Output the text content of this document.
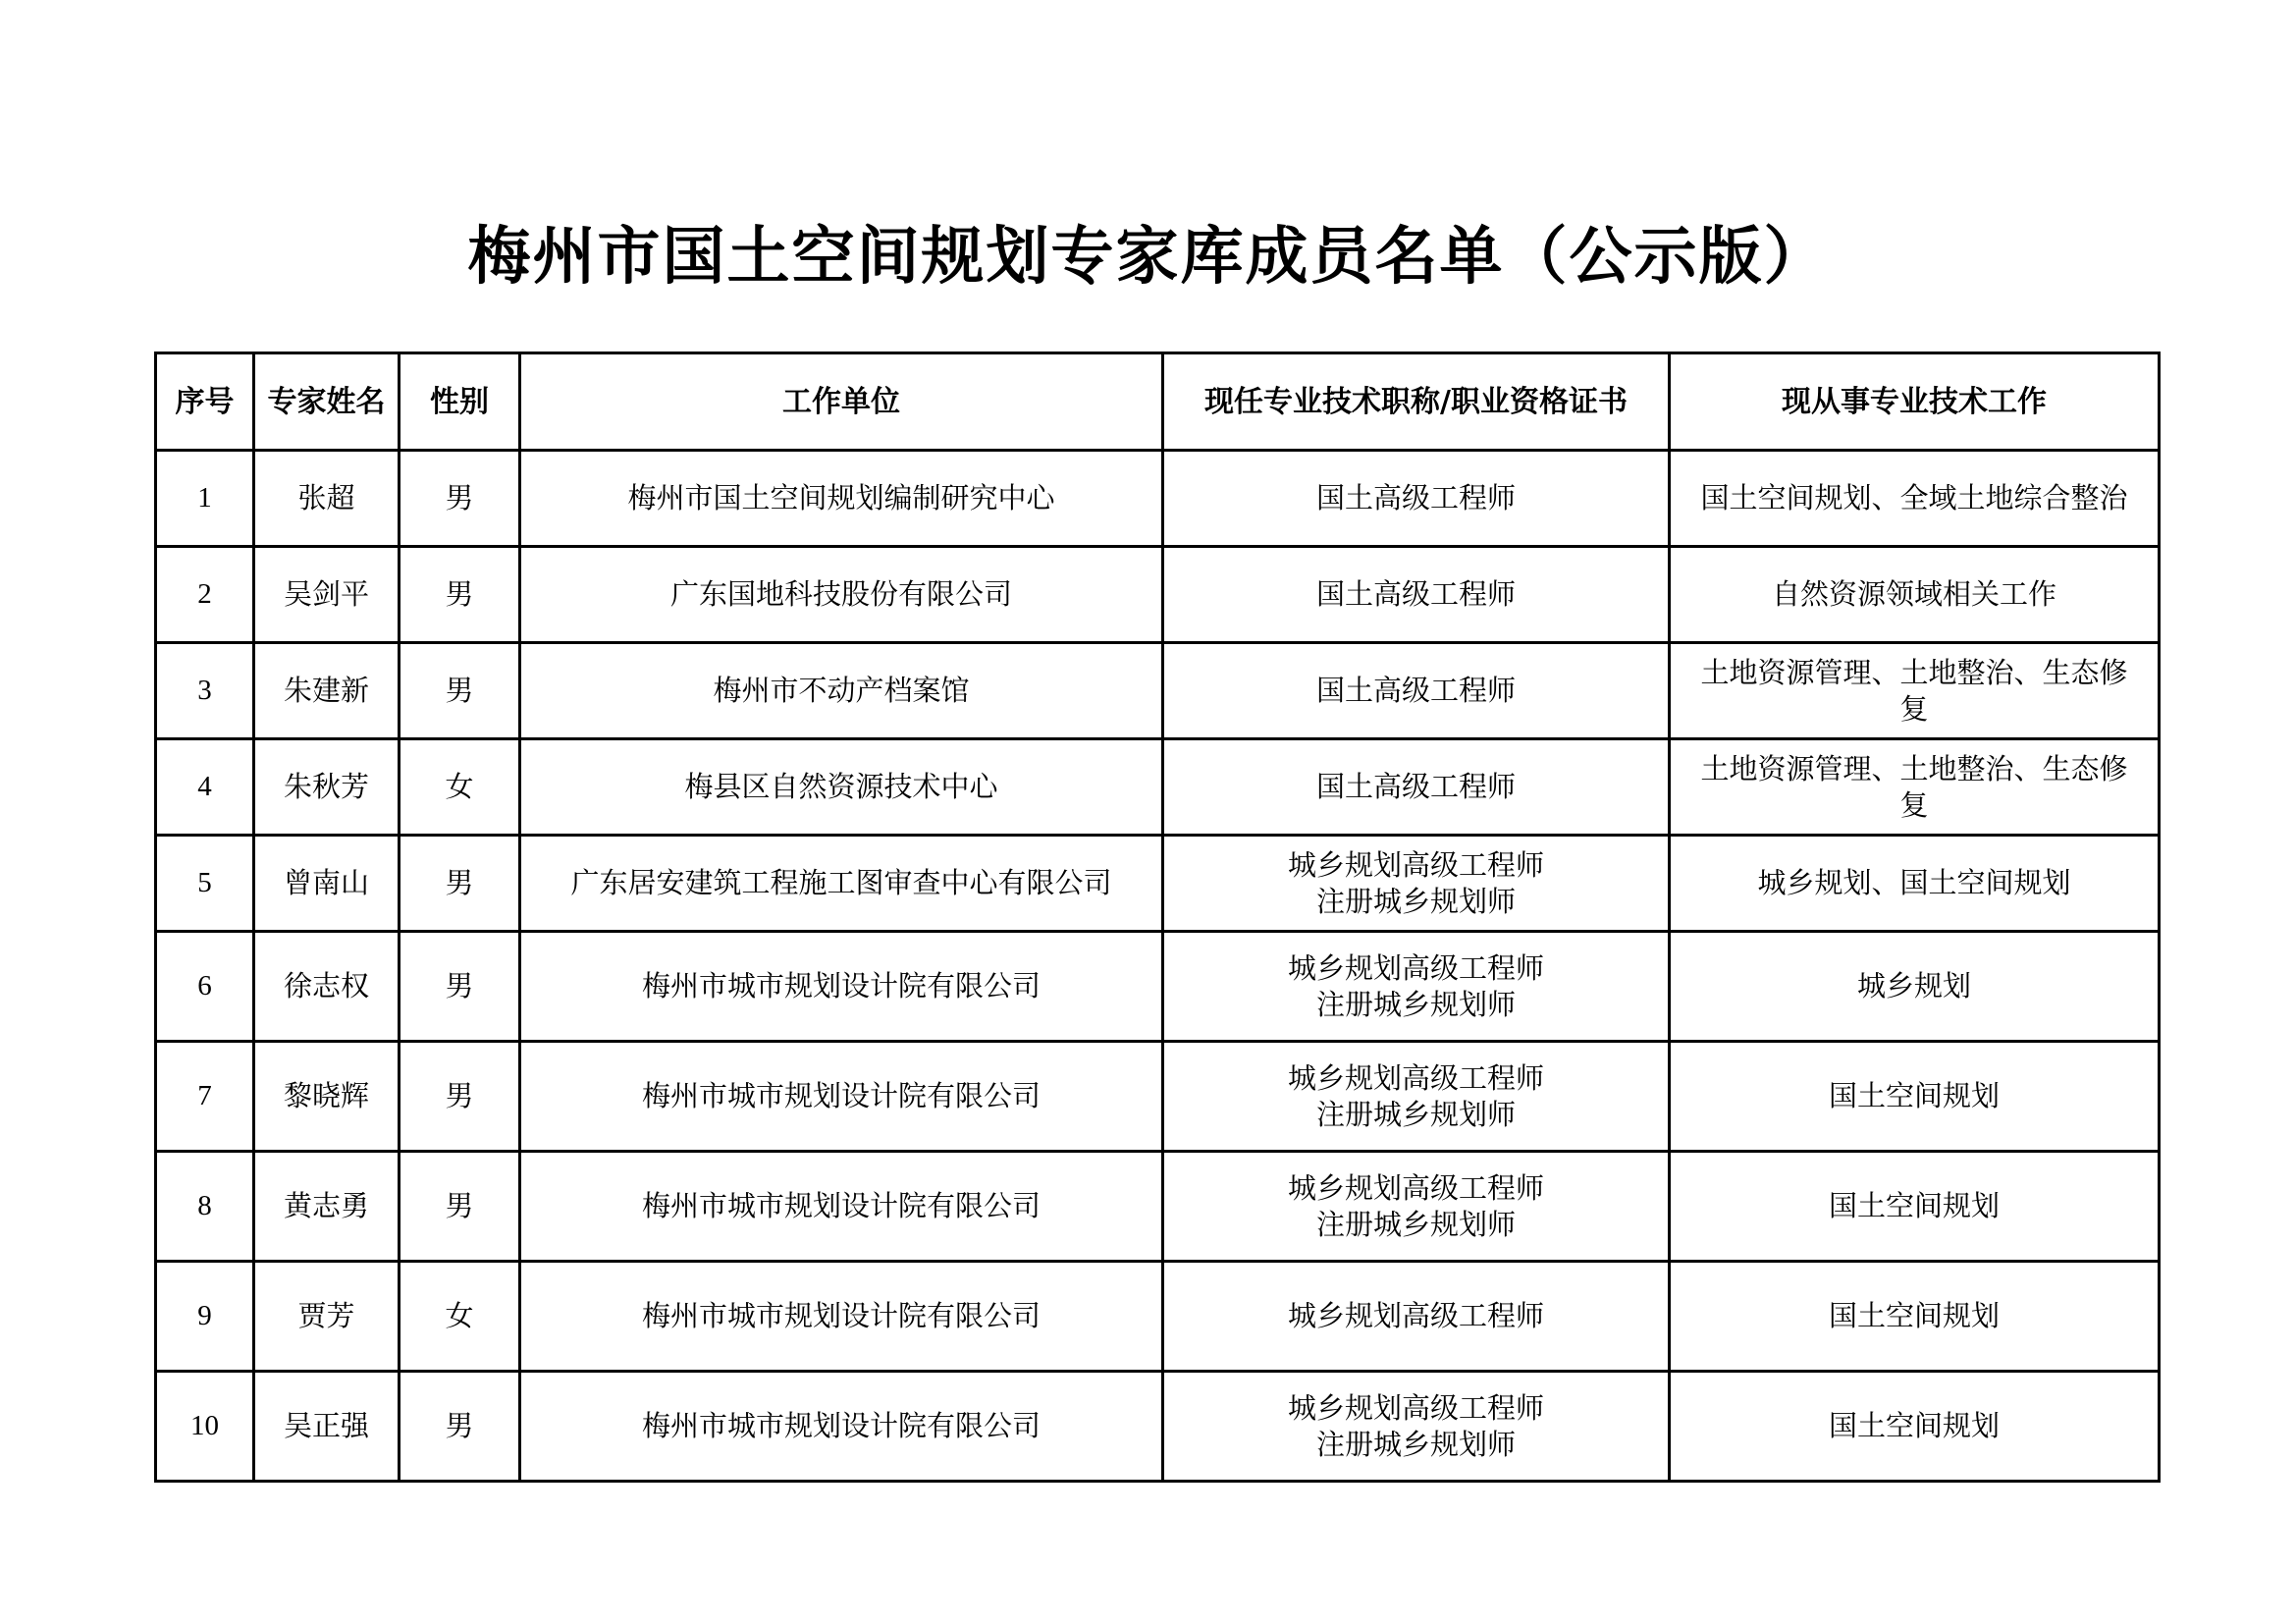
梅州市国土空间规划专家库成员名单（公示版）
序号	专家姓名	性别	工作单位	现任专业技术职称/职业资格证书	现从事专业技术工作
1	张超	男	梅州市国土空间规划编制研究中心	国土高级工程师	国土空间规划、全域土地综合整治

2	吴剑平	男	广东国地科技股份有限公司	国土高级工程师	自然资源领域相关工作

3	朱建新	男	梅州市不动产档案馆	国土高级工程师	土地资源管理、土地整治、生态修
复

4	朱秋芳	女	梅县区自然资源技术中心	国土高级工程师	土地资源管理、土地整治、生态修
复

5	曾南山	男	广东居安建筑工程施工图审查中心有限公司	城乡规划高级工程师
注册城乡规划师	城乡规划、国土空间规划

6	徐志权	男	梅州市城市规划设计院有限公司	城乡规划高级工程师
注册城乡规划师	城乡规划

7	黎晓辉	男	梅州市城市规划设计院有限公司	城乡规划高级工程师
注册城乡规划师	国土空间规划

8	黄志勇	男	梅州市城市规划设计院有限公司	城乡规划高级工程师
注册城乡规划师	国土空间规划

9	贾芳	女	梅州市城市规划设计院有限公司	城乡规划高级工程师	国土空间规划

10	吴正强	男	梅州市城市规划设计院有限公司	城乡规划高级工程师
注册城乡规划师	国土空间规划
